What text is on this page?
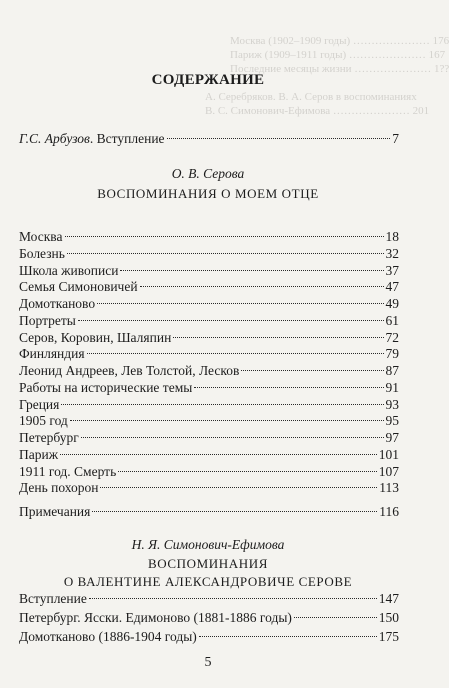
Москва (1902–1909 годы) ………………… 176
Париж (1909–1911 годы) ………………… 167
Последние месяцы жизни ………………… 1??
А. Серебряков. В. А. Серов в воспоминаниях
В. С. Симонович-Ефимова ………………… 201
СОДЕРЖАНИЕ
Г.С. Арбузов. Вступление	7
О. В. Серова
ВОСПОМИНАНИЯ О МОЕМ ОТЦЕ
Москва	18
Болезнь	32
Школа живописи	37
Семья Симоновичей	47
Домотканово	49
Портреты	61
Серов, Коровин, Шаляпин	72
Финляндия	79
Леонид Андреев, Лев Толстой, Лесков	87
Работы на исторические темы	91
Греция	93
1905 год	95
Петербург	97
Париж	101
1911 год. Смерть	107
День похорон	113
Примечания	116
Н. Я. Симонович-Ефимова
ВОСПОМИНАНИЯ
О ВАЛЕНТИНЕ АЛЕКСАНДРОВИЧЕ СЕРОВЕ
Вступление	147
Петербург. Ясски. Едимоново (1881-1886 годы)	150
Домотканово (1886-1904 годы)	175
5
